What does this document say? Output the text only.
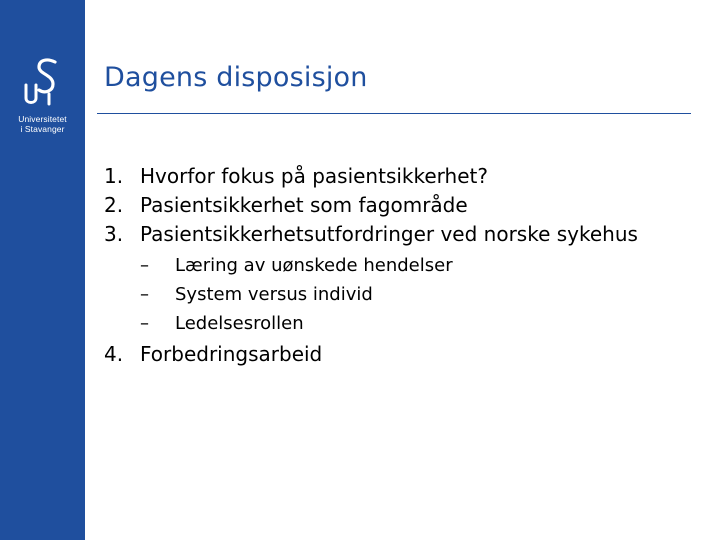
Universitetet
i Stavanger
Dagens disposisjon
1. Hvorfor fokus på pasientsikkerhet?
2. Pasientsikkerhet som fagområde
3. Pasientsikkerhetsutfordringer ved norske sykehus
–	Læring av uønskede hendelser
–	System versus individ
–	Ledelsesrollen
4. Forbedringsarbeid
